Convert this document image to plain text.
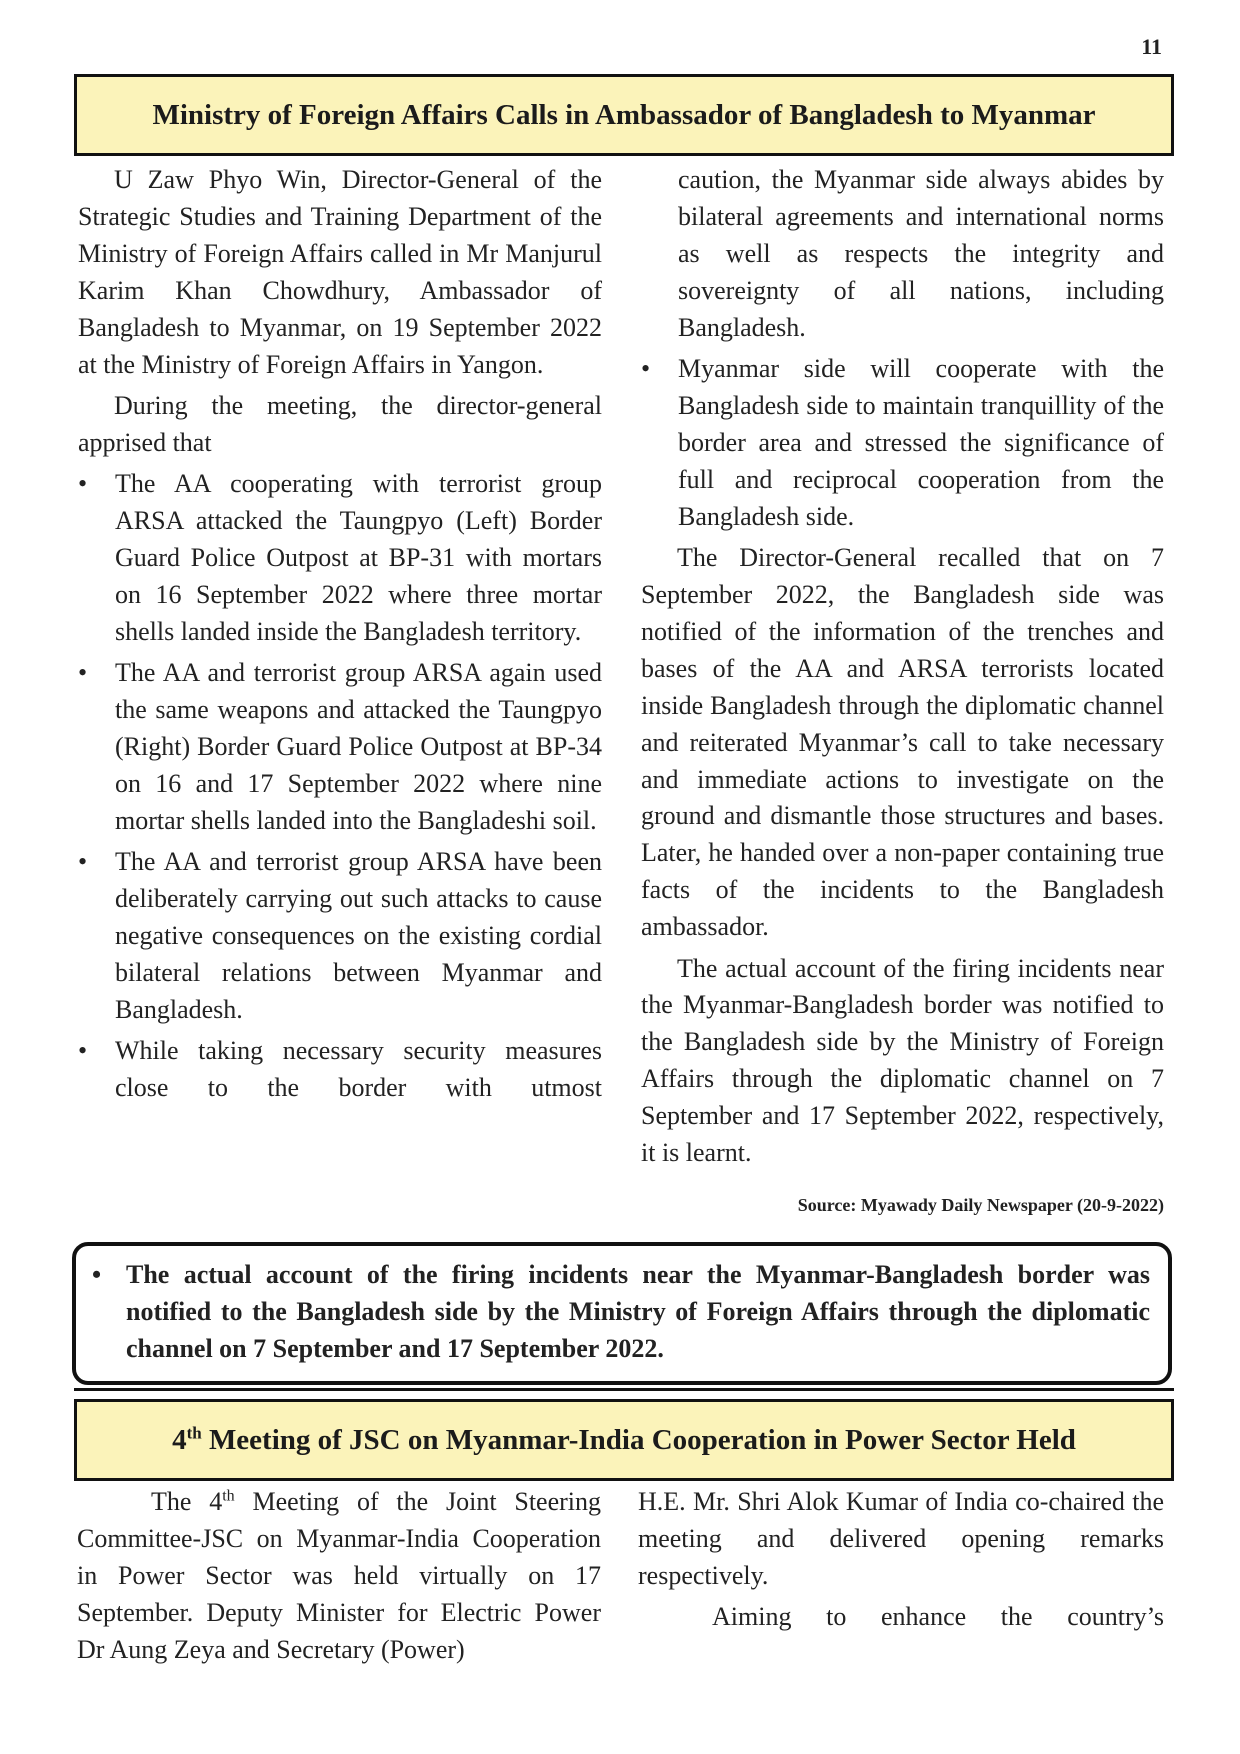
11
Ministry of Foreign Affairs Calls in Ambassador of Bangladesh to Myanmar

U Zaw Phyo Win, Director-General of the Strategic Studies and Training Department of the Ministry of Foreign Affairs called in Mr Manjurul Karim Khan Chowdhury, Ambassador of Bangladesh to Myanmar, on 19 September 2022 at the Ministry of Foreign Affairs in Yangon.

During the meeting, the director-general apprised that

• The AA cooperating with terrorist group ARSA attacked the Taungpyo (Left) Border Guard Police Outpost at BP-31 with mortars on 16 September 2022 where three mortar shells landed inside the Bangladesh territory.
• The AA and terrorist group ARSA again used the same weapons and attacked the Taungpyo (Right) Border Guard Police Outpost at BP-34 on 16 and 17 September 2022 where nine mortar shells landed into the Bangladeshi soil.
• The AA and terrorist group ARSA have been deliberately carrying out such attacks to cause negative consequences on the existing cordial bilateral relations between Myanmar and Bangladesh.
• While taking necessary security measures close to the border with utmost
caution, the Myanmar side always abides by bilateral agreements and international norms as well as respects the integrity and sovereignty of all nations, including Bangladesh.
• Myanmar side will cooperate with the Bangladesh side to maintain tranquillity of the border area and stressed the significance of full and reciprocal cooperation from the Bangladesh side.

The Director-General recalled that on 7 September 2022, the Bangladesh side was notified of the information of the trenches and bases of the AA and ARSA terrorists located inside Bangladesh through the diplomatic channel and reiterated Myanmar’s call to take necessary and immediate actions to investigate on the ground and dismantle those structures and bases. Later, he handed over a non-paper containing true facts of the incidents to the Bangladesh ambassador.

The actual account of the firing incidents near the Myanmar-Bangladesh border was notified to the Bangladesh side by the Ministry of Foreign Affairs through the diplomatic channel on 7 September and 17 September 2022, respectively, it is learnt.

Source: Myawady Daily Newspaper (20-9-2022)
• The actual account of the firing incidents near the Myanmar-Bangladesh border was notified to the Bangladesh side by the Ministry of Foreign Affairs through the diplomatic channel on 7 September and 17 September 2022.
4th Meeting of JSC on Myanmar-India Cooperation in Power Sector Held

The 4th Meeting of the Joint Steering Committee-JSC on Myanmar-India Cooperation in Power Sector was held virtually on 17 September. Deputy Minister for Electric Power Dr Aung Zeya and Secretary (Power)

H.E. Mr. Shri Alok Kumar of India co-chaired the meeting and delivered opening remarks respectively.

Aiming to enhance the country’s
